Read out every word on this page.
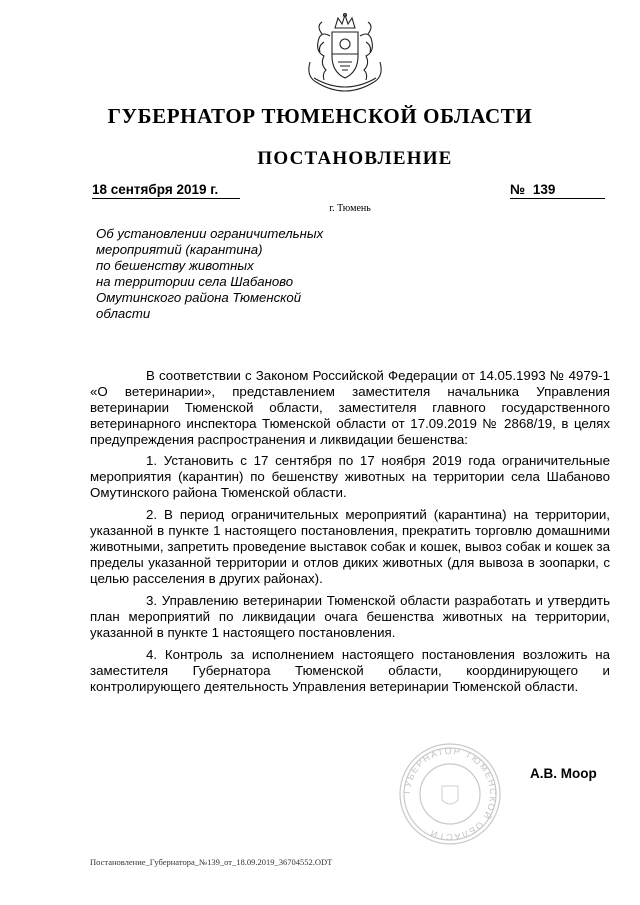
ГУБЕРНАТОР ТЮМЕНСКОЙ ОБЛАСТИ
ПОСТАНОВЛЕНИЕ
18 сентября 2019 г.	№ 139
г. Тюмень
Об установлении ограничительных
мероприятий (карантина)
по бешенству животных
на территории села Шабаново
Омутинского района Тюменской
области

В соответствии с Законом Российской Федерации от 14.05.1993 № 4979-1 «О ветеринарии», представлением заместителя начальника Управления ветеринарии Тюменской области, заместителя главного государственного ветеринарного инспектора Тюменской области от 17.09.2019 № 2868/19, в целях предупреждения распространения и ликвидации бешенства:

1. Установить с 17 сентября по 17 ноября 2019 года ограничительные мероприятия (карантин) по бешенству животных на территории села Шабаново Омутинского района Тюменской области.

2. В период ограничительных мероприятий (карантина) на территории, указанной в пункте 1 настоящего постановления, прекратить торговлю домашними животными, запретить проведение выставок собак и кошек, вывоз собак и кошек за пределы указанной территории и отлов диких животных (для вывоза в зоопарки, с целью расселения в других районах).

3. Управлению ветеринарии Тюменской области разработать и утвердить план мероприятий по ликвидации очага бешенства животных на территории, указанной в пункте 1 настоящего постановления.

4. Контроль за исполнением настоящего постановления возложить на заместителя Губернатора Тюменской области, координирующего и контролирующего деятельность Управления ветеринарии Тюменской области.

ГУБЕРНАТОР ТЮМЕНСКОЙ ОБЛАСТИ
А.В. Моор
Постановление_Губернатора_№139_от_18.09.2019_36704552.ODT
